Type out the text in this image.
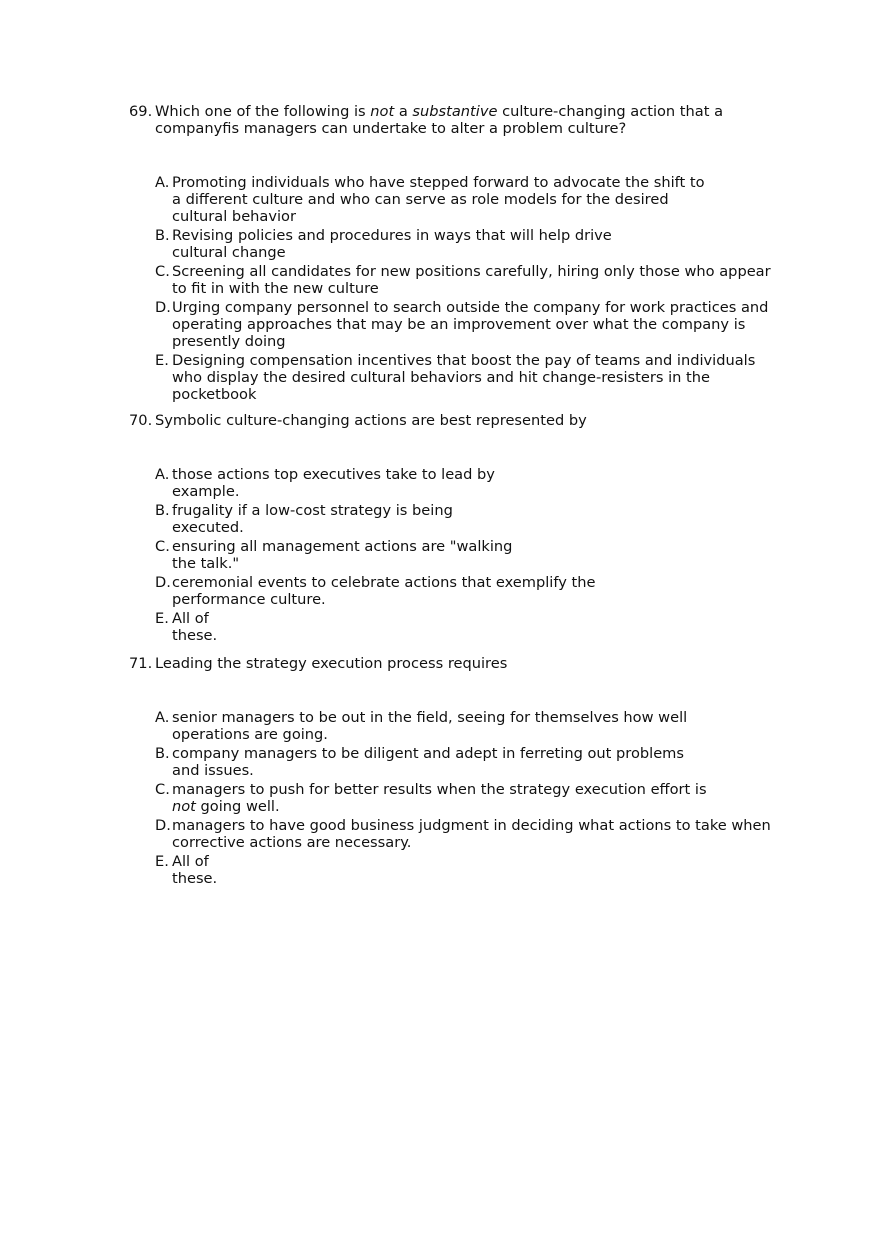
69. Which one of the following is not a substantive culture-changing action that a companyfis managers can undertake to alter a problem culture?
A. Promoting individuals who have stepped forward to advocate the shift to a different culture and who can serve as role models for the desired cultural behavior
B. Revising policies and procedures in ways that will help drive cultural change
C. Screening all candidates for new positions carefully, hiring only those who appear to fit in with the new culture
D. Urging company personnel to search outside the company for work practices and operating approaches that may be an improvement over what the company is presently doing
E. Designing compensation incentives that boost the pay of teams and individuals who display the desired cultural behaviors and hit change-resisters in the pocketbook
70. Symbolic culture-changing actions are best represented by
A. those actions top executives take to lead by example.
B. frugality if a low-cost strategy is being executed.
C. ensuring all management actions are "walking the talk."
D. ceremonial events to celebrate actions that exemplify the performance culture.
E. All of these.
71. Leading the strategy execution process requires
A. senior managers to be out in the field, seeing for themselves how well operations are going.
B. company managers to be diligent and adept in ferreting out problems and issues.
C. managers to push for better results when the strategy execution effort is not going well.
D. managers to have good business judgment in deciding what actions to take when corrective actions are necessary.
E. All of these.
